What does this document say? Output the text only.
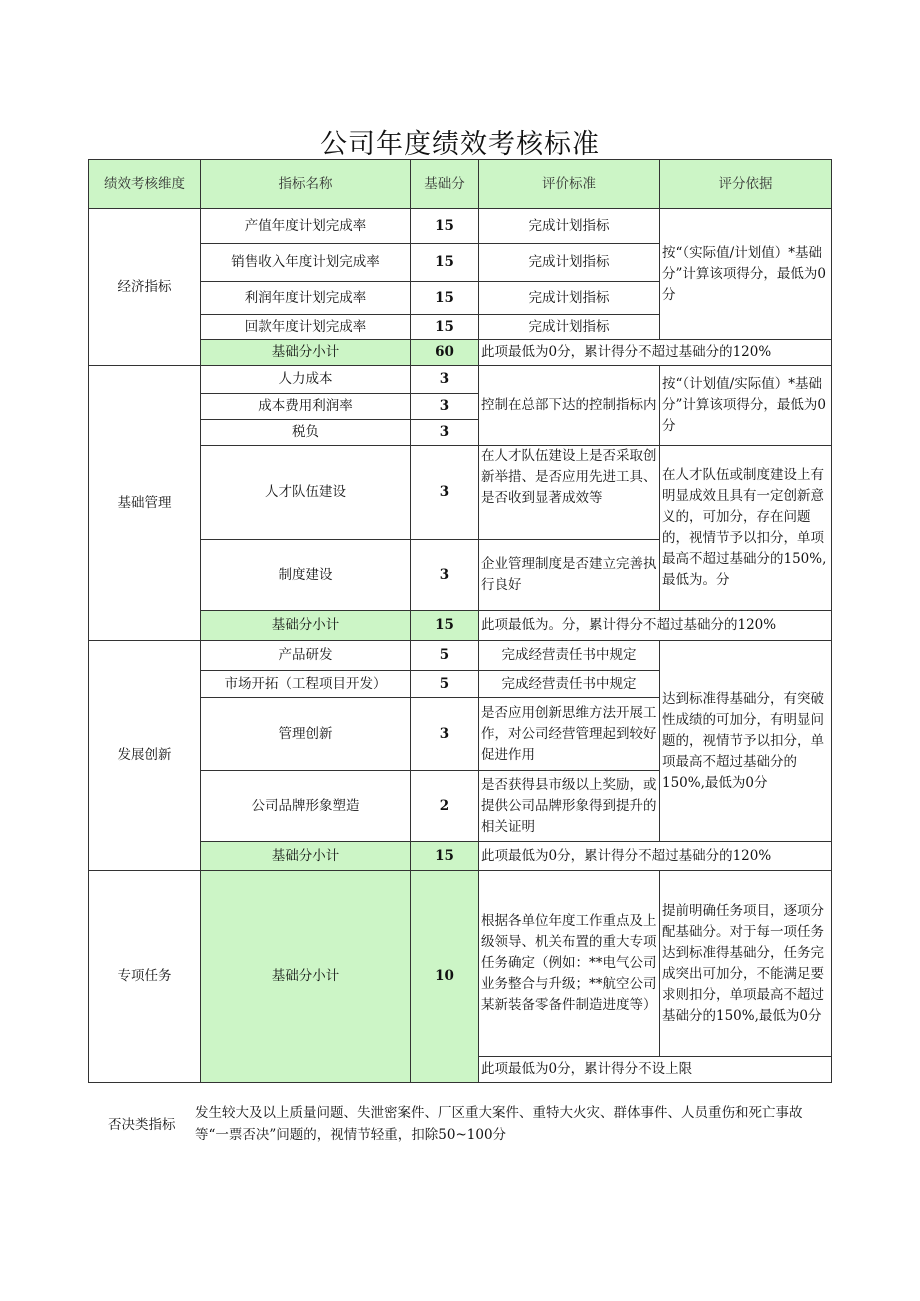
公司年度绩效考核标准
绩效考核维度	指标名称	基础分	评价标准	评分依据
经济指标	产值年度计划完成率	15	完成计划指标	按“（实际值/计划值）*基础分”计算该项得分，最低为0分
	销售收入年度计划完成率	15	完成计划指标	
	利润年度计划完成率	15	完成计划指标	
	回款年度计划完成率	15	完成计划指标	
	基础分小计	60	此项最低为0分，累计得分不超过基础分的120%	
基础管理	人力成本	3	控制在总部下达的控制指标内	按“（计划值/实际值）*基础分”计算该项得分，最低为0分
	成本费用利润率	3		
	税负	3		
	人才队伍建设	3	在人才队伍建设上是否采取创新举措、是否应用先进工具、是否收到显著成效等	在人才队伍或制度建设上有明显成效且具有一定创新意义的，可加分，存在问题的，视情节予以扣分，单项最高不超过基础分的150%,最低为。分
	制度建设	3	企业管理制度是否建立完善执行良好	
	基础分小计	15	此项最低为。分，累计得分不超过基础分的120%	
发展创新	产品研发	5	完成经营责任书中规定	达到标准得基础分，有突破性成绩的可加分，有明显问题的，视情节予以扣分，单项最高不超过基础分的150%,最低为0分
	市场开拓（工程项目开发）	5	完成经营责任书中规定	
	管理创新	3	是否应用创新思维方法开展工作，对公司经营管理起到较好促进作用	
	公司品牌形象塑造	2	是否获得县市级以上奖励，或提供公司品牌形象得到提升的相关证明	
	基础分小计	15	此项最低为0分，累计得分不超过基础分的120%	
专项任务	基础分小计	10	根据各单位年度工作重点及上级领导、机关布置的重大专项任务确定（例如：**电气公司业务整合与升级；**航空公司某新装备零备件制造进度等）	提前明确任务项目，逐项分配基础分。对于每一项任务达到标准得基础分，任务完成突出可加分，不能满足要求则扣分，单项最高不超过基础分的150%,最低为0分
			此项最低为0分，累计得分不设上限	
否决类指标
发生较大及以上质量问题、失泄密案件、厂区重大案件、重特大火灾、群体事件、人员重伤和死亡事故等“一票否决”问题的，视情节轻重，扣除50~100分
